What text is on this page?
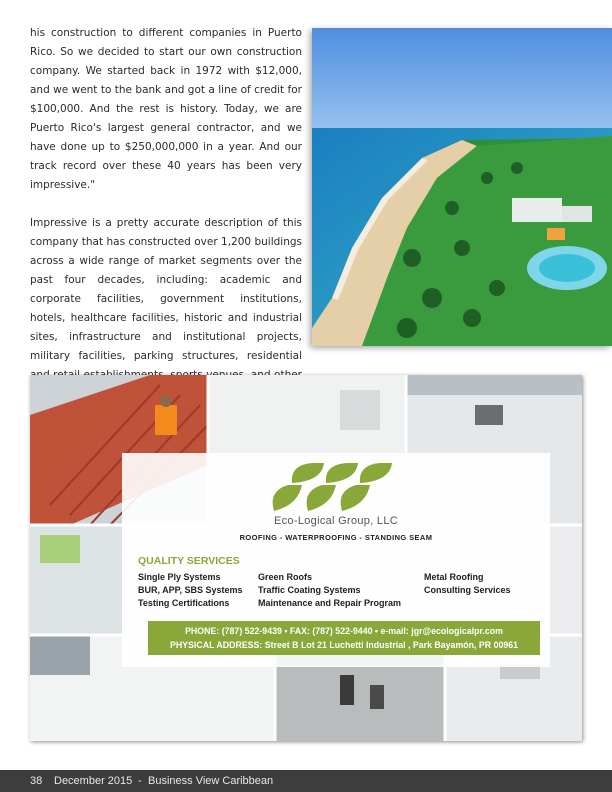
his construction to different companies in Puerto Rico. So we decided to start our own construction company. We started back in 1972 with $12,000, and we went to the bank and got a line of credit for $100,000. And the rest is history. Today, we are Puerto Rico's largest general contractor, and we have done up to $250,000,000 in a year. And our track record over these 40 years has been very impressive."

Impressive is a pretty accurate description of this company that has constructed over 1,200 buildings across a wide range of market segments over the past four decades, including: academic and corporate facilities, government institutions, hotels, healthcare facilities, historic and industrial sites, infrastructure and institutional projects, military facilities, parking structures, residential

Eco-Logical Group, LLC
ROOFING - WATERPROOFING - STANDING SEAM
QUALITY SERVICES
Single Ply Systems
BUR, APP, SBS Systems
Testing Certifications
Green Roofs
Traffic Coating Systems
Maintenance and Repair Program
Metal Roofing
Consulting Services
PHONE: (787) 522-9439 • FAX: (787) 522-9440 • e-mail: jgr@ecologicalpr.com
PHYSICAL ADDRESS: Street B Lot 21 Luchetti Industrial , Park Bayamón, PR 00961
38 December 2015 - Business View Caribbean
